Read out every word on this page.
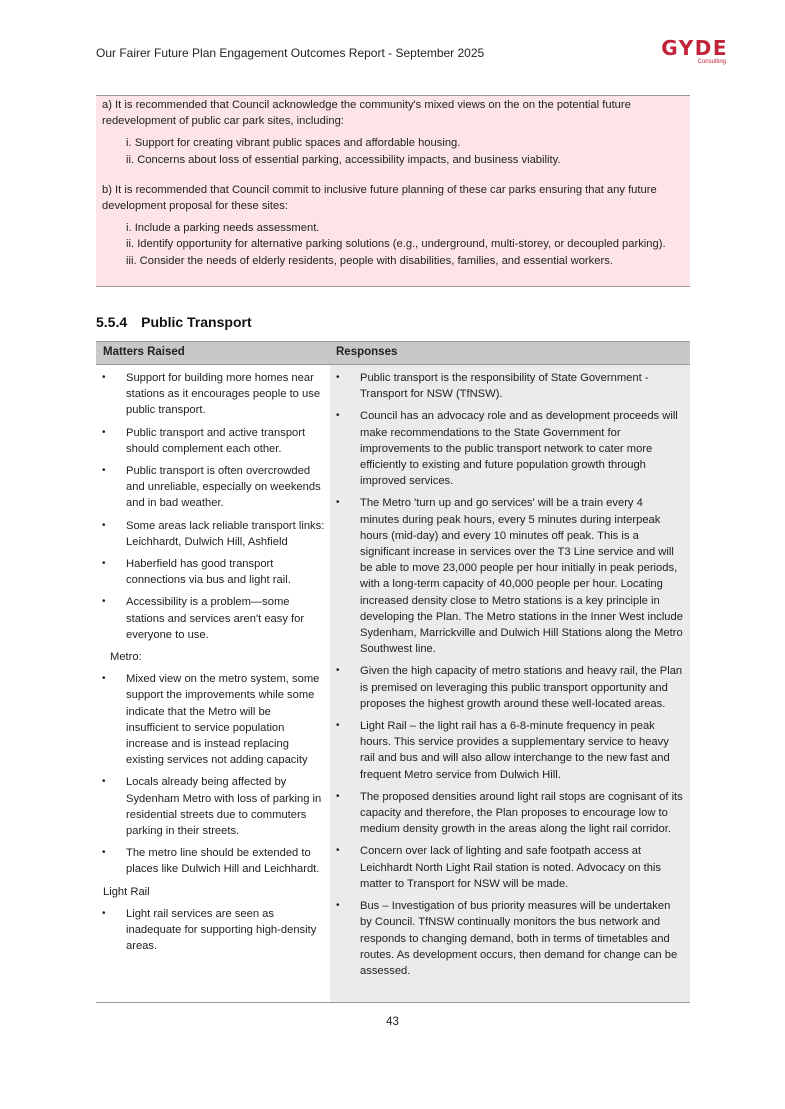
Our Fairer Future Plan Engagement Outcomes Report - September 2025	GYDE
Consulting

a) It is recommended that Council acknowledge the community's mixed views on the on the potential future redevelopment of public car park sites, including:

i. Support for creating vibrant public spaces and affordable housing.

ii. Concerns about loss of essential parking, accessibility impacts, and business viability.

b) It is recommended that Council commit to inclusive future planning of these car parks ensuring that any future development proposal for these sites:

i. Include a parking needs assessment.

ii. Identify opportunity for alternative parking solutions (e.g., underground, multi-storey, or decoupled parking).

iii. Consider the needs of elderly residents, people with disabilities, families, and essential workers.

5.5.4 Public Transport
Matters Raised	Responses
• Support for building more homes near stations as it encourages people to use public transport.
• Public transport and active transport should complement each other.
• Public transport is often overcrowded and unreliable, especially on weekends and in bad weather.
• Some areas lack reliable transport links: Leichhardt, Dulwich Hill, Ashfield
• Haberfield has good transport connections via bus and light rail.
• Accessibility is a problem—some stations and services aren't easy for everyone to use.
Metro:
• Mixed view on the metro system, some support the improvements while some indicate that the Metro will be insufficient to service population increase and is instead replacing existing services not adding capacity
• Locals already being affected by Sydenham Metro with loss of parking in residential streets due to commuters parking in their streets.
• The metro line should be extended to places like Dulwich Hill and Leichhardt.
Light Rail
• Light rail services are seen as inadequate for supporting high-density areas.
• Public transport is the responsibility of State Government - Transport for NSW (TfNSW).
• Council has an advocacy role and as development proceeds will make recommendations to the State Government for improvements to the public transport network to cater more efficiently to existing and future population growth through improved services.
• The Metro 'turn up and go services' will be a train every 4 minutes during peak hours, every 5 minutes during interpeak hours (mid-day) and every 10 minutes off peak. This is a significant increase in services over the T3 Line service and will be able to move 23,000 people per hour initially in peak periods, with a long-term capacity of 40,000 people per hour. Locating increased density close to Metro stations is a key principle in developing the Plan. The Metro stations in the Inner West include Sydenham, Marrickville and Dulwich Hill Stations along the Metro Southwest line.
• Given the high capacity of metro stations and heavy rail, the Plan is premised on leveraging this public transport opportunity and proposes the highest growth around these well-located areas.
• Light Rail – the light rail has a 6-8-minute frequency in peak hours. This service provides a supplementary service to heavy rail and bus and will also allow interchange to the new fast and frequent Metro service from Dulwich Hill.
• The proposed densities around light rail stops are cognisant of its capacity and therefore, the Plan proposes to encourage low to medium density growth in the areas along the light rail corridor.
• Concern over lack of lighting and safe footpath access at Leichhardt North Light Rail station is noted. Advocacy on this matter to Transport for NSW will be made.
• Bus – Investigation of bus priority measures will be undertaken by Council. TfNSW continually monitors the bus network and responds to changing demand, both in terms of timetables and routes. As development occurs, then demand for change can be assessed.
43
